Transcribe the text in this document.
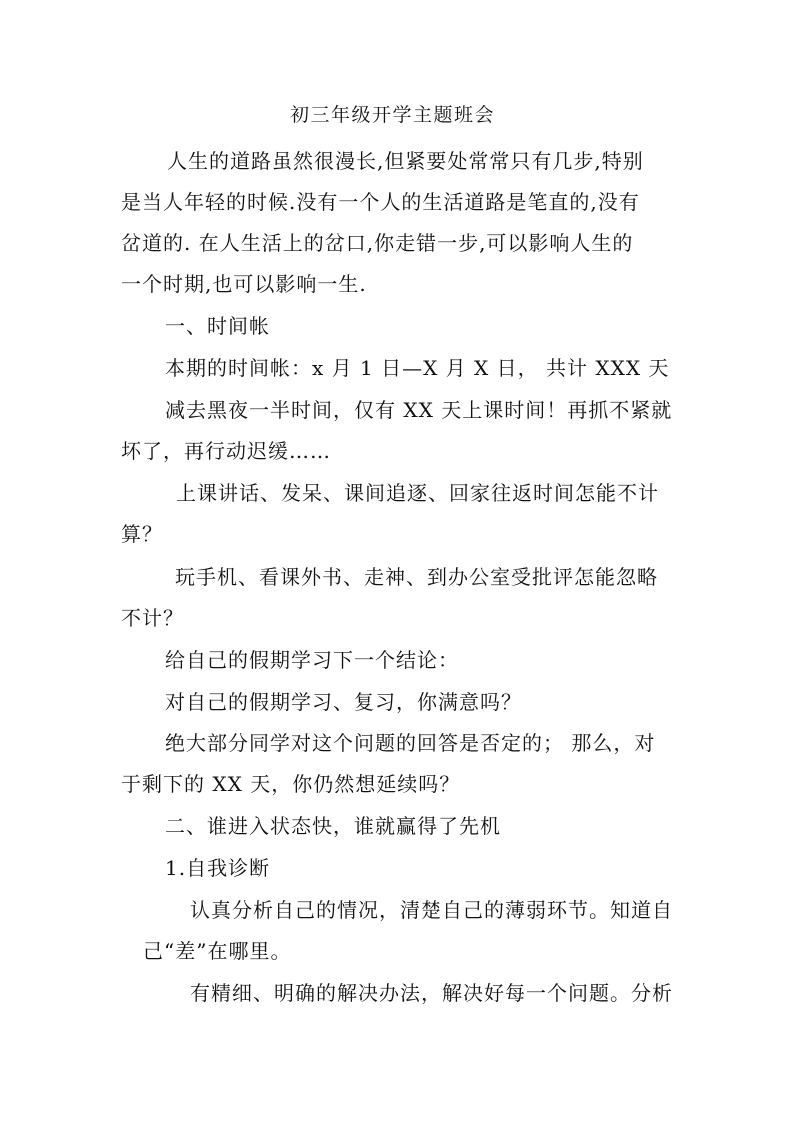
初三年级开学主题班会

人生的道路虽然很漫长,但紧要处常常只有几步,特别

是当人年轻的时候.没有一个人的生活道路是笔直的,没有

岔道的. 在人生活上的岔口,你走错一步,可以影响人生的

一个时期,也可以影响一生.

一、时间帐

本期的时间帐：x 月 1 日—X 月 X 日， 共计 XXX 天

减去黑夜一半时间，仅有 XX 天上课时间！再抓不紧就

坏了，再行动迟缓……

上课讲话、发呆、课间追逐、回家往返时间怎能不计

算？

玩手机、看课外书、走神、到办公室受批评怎能忽略

不计？

给自己的假期学习下一个结论：

对自己的假期学习、复习，你满意吗？

绝大部分同学对这个问题的回答是否定的； 那么，对

于剩下的 XX 天，你仍然想延续吗？

二、谁进入状态快，谁就赢得了先机

1.自我诊断

认真分析自己的情况，清楚自己的薄弱环节。知道自

己“差”在哪里。

有精细、明确的解决办法，解决好每一个问题。分析
